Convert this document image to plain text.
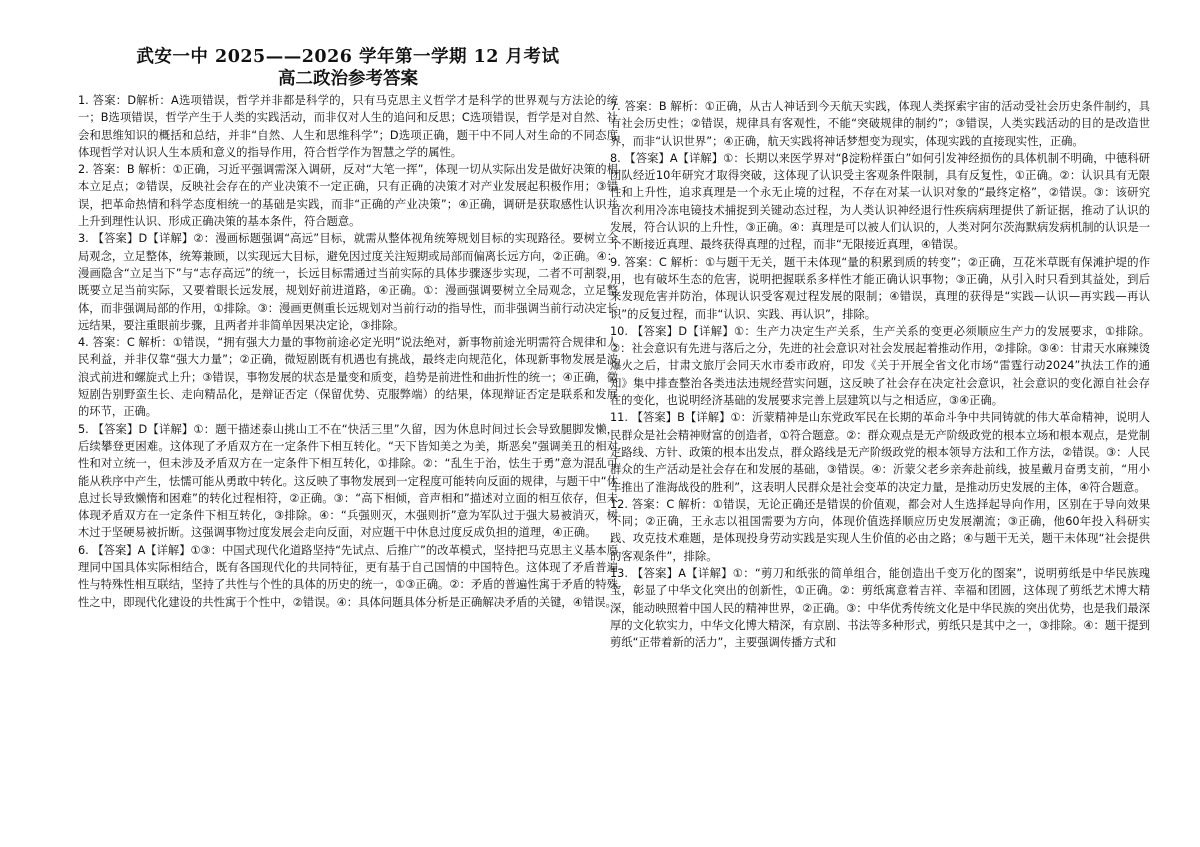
武安一中 2025——2026 学年第一学期 12 月考试
高二政治参考答案

1. 答案：D解析：A选项错误，哲学并非都是科学的，只有马克思主义哲学才是科学的世界观与方法论的统一；B选项错误，哲学产生于人类的实践活动，而非仅对人生的追问和反思；C选项错误，哲学是对自然、社会和思维知识的概括和总结，并非“自然、人生和思维科学”；D选项正确，题干中不同人对生命的不同态度体现哲学对认识人生本质和意义的指导作用，符合哲学作为智慧之学的属性。

2. 答案：B 解析：①正确，习近平强调需深入调研，反对“大笔一挥”，体现一切从实际出发是做好决策的根本立足点；②错误，反映社会存在的产业决策不一定正确，只有正确的决策才对产业发展起积极作用；③错误，把革命热情和科学态度相统一的基础是实践，而非“正确的产业决策”；④正确，调研是获取感性认识并上升到理性认识、形成正确决策的基本条件，符合题意。

3. 【答案】D【详解】②：漫画标题强调“高远”目标，就需从整体视角统筹规划目标的实现路径。要树立全局观念，立足整体，统筹兼顾，以实现远大目标，避免因过度关注短期或局部而偏离长远方向，②正确。④：漫画隐含“立足当下”与“志存高远”的统一，长远目标需通过当前实际的具体步骤逐步实现，二者不可割裂，既要立足当前实际，又要着眼长远发展，规划好前进道路，④正确。①：漫画强调要树立全局观念，立足整体，而非强调局部的作用，①排除。③：漫画更侧重长远规划对当前行动的指导性，而非强调当前行动决定长远结果，要注重眼前步骤，且两者并非简单因果决定论，③排除。

4. 答案：C 解析：①错误，“拥有强大力量的事物前途必定光明”说法绝对，新事物前途光明需符合规律和人民利益，并非仅靠“强大力量”；②正确，微短剧既有机遇也有挑战，最终走向规范化，体现新事物发展是波浪式前进和螺旋式上升；③错误，事物发展的状态是量变和质变，趋势是前进性和曲折性的统一；④正确，微短剧告别野蛮生长、走向精品化，是辩证否定（保留优势、克服弊端）的结果，体现辩证否定是联系和发展的环节，正确。

5. 【答案】D【详解】①：题干描述泰山挑山工不在“快活三里”久留，因为休息时间过长会导致腿脚发懒，后续攀登更困难。这体现了矛盾双方在一定条件下相互转化。“天下皆知美之为美，斯恶矣”强调美丑的相对性和对立统一，但未涉及矛盾双方在一定条件下相互转化，①排除。②：“乱生于治，怯生于勇”意为混乱可能从秩序中产生，怯懦可能从勇敢中转化。这反映了事物发展到一定程度可能转向反面的规律，与题干中“休息过长导致懒惰和困难”的转化过程相符，②正确。③：“高下相倾，音声相和”描述对立面的相互依存，但未体现矛盾双方在一定条件下相互转化，③排除。④：“兵强则灭，木强则折”意为军队过于强大易被消灭，树木过于坚硬易被折断。这强调事物过度发展会走向反面，对应题干中休息过度反成负担的道理，④正确。

6. 【答案】A【详解】①③：中国式现代化道路坚持“先试点、后推广”的改革模式，坚持把马克思主义基本原理同中国具体实际相结合，既有各国现代化的共同特征，更有基于自己国情的中国特色。这体现了矛盾普遍性与特殊性相互联结，坚持了共性与个性的具体的历史的统一，①③正确。②：矛盾的普遍性寓于矛盾的特殊性之中，即现代化建设的共性寓于个性中，②错误。④：具体问题具体分析是正确解决矛盾的关键，④错误。

7. 答案：B 解析：①正确，从古人神话到今天航天实践，体现人类探索宇宙的活动受社会历史条件制约，具有社会历史性；②错误，规律具有客观性，不能“突破规律的制约”；③错误，人类实践活动的目的是改造世界，而非“认识世界”；④正确，航天实践将神话梦想变为现实，体现实践的直接现实性，正确。

8. 【答案】A【详解】①：长期以来医学界对“β淀粉样蛋白”如何引发神经损伤的具体机制不明确，中德科研团队经近10年研究才取得突破，这体现了认识受主客观条件限制，具有反复性，①正确。②：认识具有无限性和上升性，追求真理是一个永无止境的过程，不存在对某一认识对象的“最终定格”，②错误。③：该研究首次利用冷冻电镜技术捕捉到关键动态过程，为人类认识神经退行性疾病病理提供了新证据，推动了认识的发展，符合认识的上升性，③正确。④：真理是可以被人们认识的，人类对阿尔茨海默病发病机制的认识是一个不断接近真理、最终获得真理的过程，而非“无限接近真理，④错误。

9. 答案：C 解析：①与题干无关，题干未体现“量的积累到质的转变”；②正确，互花米草既有保滩护堤的作用，也有破坏生态的危害，说明把握联系多样性才能正确认识事物；③正确，从引入时只看到其益处，到后来发现危害并防治，体现认识受客观过程发展的限制；④错误，真理的获得是“实践—认识—再实践—再认识”的反复过程，而非“认识、实践、再认识”，排除。

10. 【答案】D【详解】①：生产力决定生产关系，生产关系的变更必须顺应生产力的发展要求，①排除。②：社会意识有先进与落后之分，先进的社会意识对社会发展起着推动作用，②排除。③④：甘肃天水麻辣烫爆火之后，甘肃文旅厅会同天水市委市政府，印发《关于开展全省文化市场“雷霆行动2024”执法工作的通知》集中排查整治各类违法违规经营实问题，这反映了社会存在决定社会意识，社会意识的变化源自社会存在的变化，也说明经济基础的发展要求完善上层建筑以与之相适应，③④正确。

11. 【答案】B【详解】①：沂蒙精神是山东党政军民在长期的革命斗争中共同铸就的伟大革命精神，说明人民群众是社会精神财富的创造者，①符合题意。②：群众观点是无产阶级政党的根本立场和根本观点，是党制定路线、方针、政策的根本出发点，群众路线是无产阶级政党的根本领导方法和工作方法，②错误。③：人民群众的生产活动是社会存在和发展的基础，③错误。④：沂蒙父老乡亲奔赴前线，披星戴月奋勇支前，“用小车推出了淮海战役的胜利”，这表明人民群众是社会变革的决定力量，是推动历史发展的主体，④符合题意。

12. 答案：C 解析：①错误，无论正确还是错误的价值观，都会对人生选择起导向作用，区别在于导向效果不同；②正确，王永志以祖国需要为方向，体现价值选择顺应历史发展潮流；③正确，他60年投入科研实践、攻克技术难题，是体现投身劳动实践是实现人生价值的必由之路；④与题干无关，题干未体现“社会提供的客观条件”，排除。

13. 【答案】A【详解】①：“剪刀和纸张的简单组合，能创造出千变万化的图案”，说明剪纸是中华民族瑰宝，彰显了中华文化突出的创新性，①正确。②：剪纸寓意着吉祥、幸福和团圆，这体现了剪纸艺术博大精深，能动映照着中国人民的精神世界，②正确。③：中华优秀传统文化是中华民族的突出优势，也是我们最深厚的文化软实力，中华文化博大精深，有京剧、书法等多种形式，剪纸只是其中之一，③排除。④：题干提到剪纸“正带着新的活力”，主要强调传播方式和
